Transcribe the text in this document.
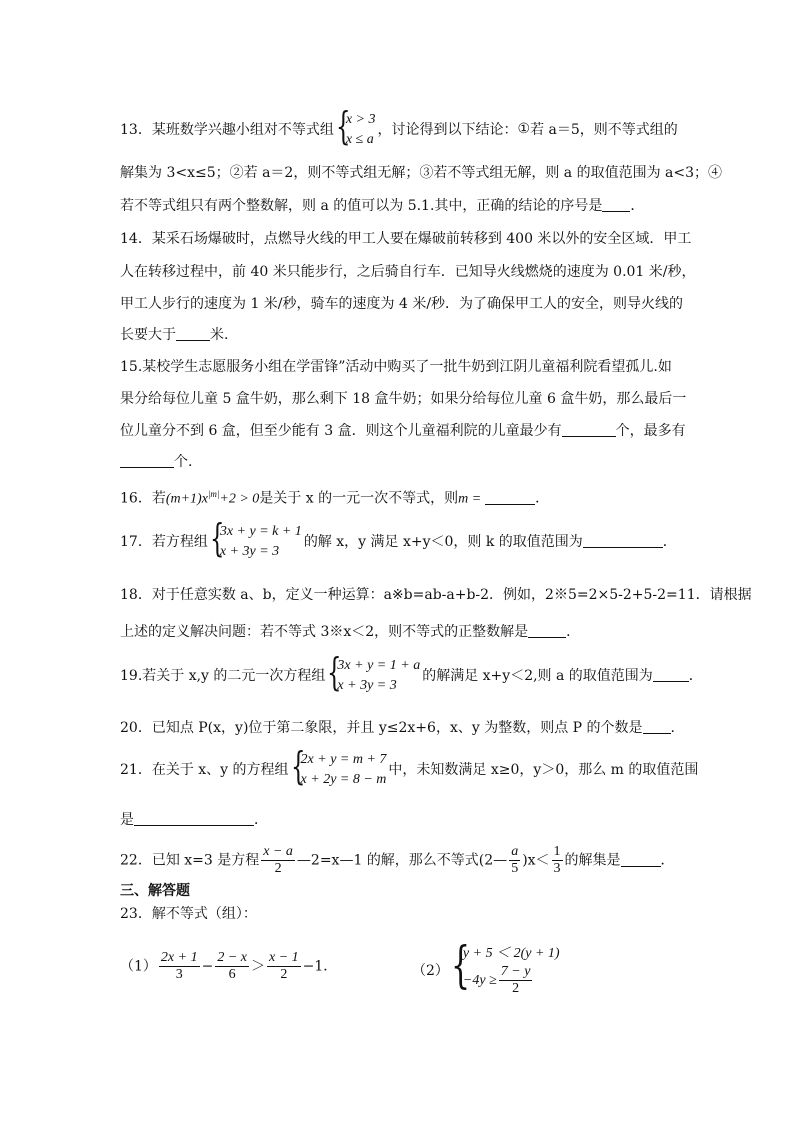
13．某班数学兴趣小组对不等式组 {
x > 3
x ≤ a
，讨论得到以下结论：①若 a＝5，则不等式组的
解集为 3<x≤5；②若 a＝2，则不等式组无解；③若不等式组无解，则 a 的取值范围为 a<3；④
若不等式组只有两个整数解，则 a 的值可以为 5.1.其中，正确的结论的序号是 ．
14．某采石场爆破时，点燃导火线的甲工人要在爆破前转移到 400 米以外的安全区域．甲工
人在转移过程中，前 40 米只能步行，之后骑自行车．已知导火线燃烧的速度为 0.01 米/秒，
甲工人步行的速度为 1 米/秒，骑车的速度为 4 米/秒．为了确保甲工人的安全，则导火线的
长要大于 米.
15.某校学生志愿服务小组在学雷锋”活动中购买了一批牛奶到江阴儿童福利院看望孤儿.如
果分给每位儿童 5 盒牛奶，那么剩下 18 盒牛奶；如果分给每位儿童 6 盒牛奶，那么最后一
位儿童分不到 6 盒，但至少能有 3 盒．则这个儿童福利院的儿童最少有	个，最多有
个.
16．若$(m+1)x^{|m|}+2 > 0$是关于 x 的一元一次不等式，则m =	．
17．若方程组 {
3x + y = k + 1
x + 3y = 3
的解 x，y 满足 x+y＜0，则 k 的取值范围为	．
18．对于任意实数 a、b，定义一种运算：a※b=ab-a+b-2．例如，2※5=2×5-2+5-2=11．请根据
上述的定义解决问题：若不等式 3※x＜2，则不等式的正整数解是	．
19.若关于 x,y 的二元一次方程组 {
3x + y = 1 + a
x + 3y = 3
的解满足 x+y＜2,则 a 的取值范围为	．
20．已知点 P(x，y)位于第二象限，并且 y≤2x+6，x、y 为整数，则点 P 的个数是 .
21．在关于 x、y 的方程组 {
2x + y = m + 7
x + 2y = 8 − m
中，未知数满足 x≥0，y＞0，那么 m 的取值范围
是	．
22．已知 x=3 是方程 $\frac{x - a}{2}$ —2=x—1 的解，那么不等式(2— $\frac{a}{5} )x< \frac{1}{3}$ 的解集是	．
三、解答题
23．解不等式（组）：
$(1) \frac{2x + 1}{3} - \frac{2 - x}{6} > \frac{x - 1}{2} -1$．	（2） {
y + 5 ＜ 2(y + 1)
$-4y \ge \frac{7 - y}{2}$
